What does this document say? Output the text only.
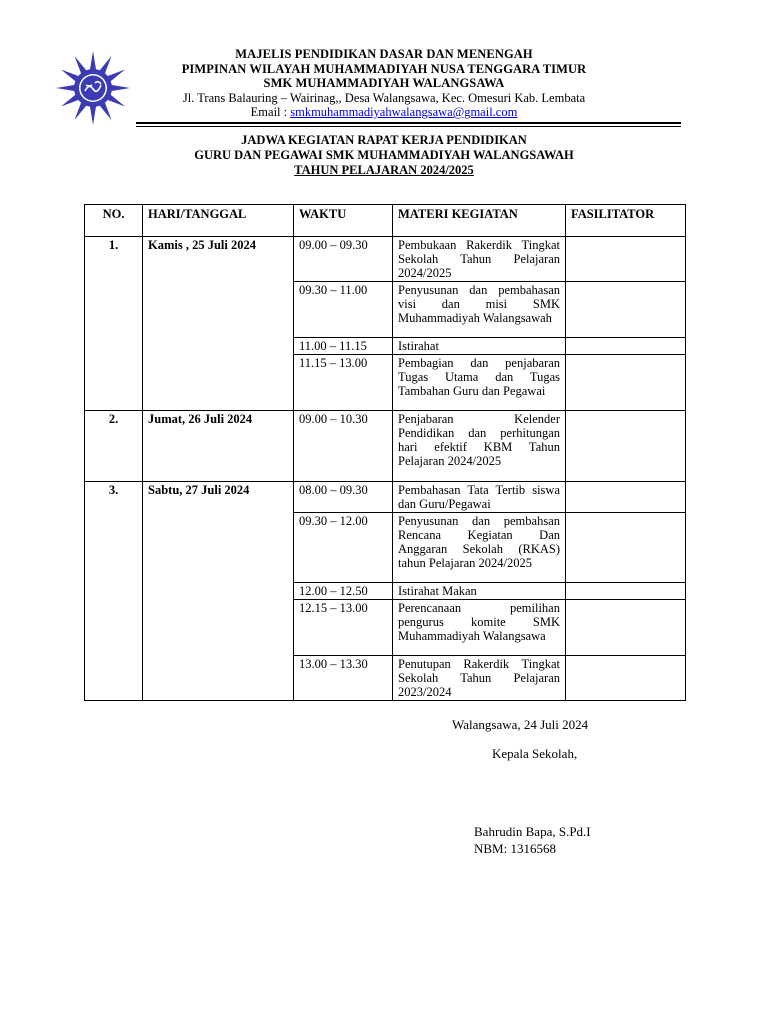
MAJELIS PENDIDIKAN DASAR DAN MENENGAH
PIMPINAN WILAYAH MUHAMMADIYAH NUSA TENGGARA TIMUR
SMK MUHAMMADIYAH WALANGSAWA
Jl. Trans Balauring – Wairinag,, Desa Walangsawa, Kec. Omesuri Kab. Lembata
Email : smkmuhammadiyahwalangsawa@gmail.com
JADWA KEGIATAN RAPAT KERJA PENDIDIKAN
GURU DAN PEGAWAI SMK MUHAMMADIYAH WALANGSAWAH
TAHUN PELAJARAN 2024/2025
NO.	HARI/TANGGAL	WAKTU	MATERI KEGIATAN	FASILITATOR
1.	Kamis , 25 Juli 2024	09.00 – 09.30	Pembukaan Rakerdik Tingkat Sekolah Tahun Pelajaran 2024/2025	
		09.30 – 11.00	Penyusunan dan pembahasan visi dan misi SMK Muhammadiyah Walangsawah	
		11.00 – 11.15	Istirahat	
		11.15 – 13.00	Pembagian dan penjabaran Tugas Utama dan Tugas Tambahan Guru dan Pegawai	
2.	Jumat, 26 Juli 2024	09.00 – 10.30	Penjabaran Kelender Pendidikan dan perhitungan hari efektif KBM Tahun Pelajaran 2024/2025	
3.	Sabtu, 27 Juli 2024	08.00 – 09.30	Pembahasan Tata Tertib siswa dan Guru/Pegawai	
		09.30 – 12.00	Penyusunan dan pembahsan Rencana Kegiatan Dan Anggaran Sekolah (RKAS) tahun Pelajaran 2024/2025	
		12.00 – 12.50	Istirahat Makan	
		12.15 – 13.00	Perencanaan pemilihan pengurus komite SMK Muhammadiyah Walangsawa	
		13.00 – 13.30	Penutupan Rakerdik Tingkat Sekolah Tahun Pelajaran 2023/2024	
Walangsawa, 24 Juli 2024
Kepala Sekolah,
Bahrudin Bapa, S.Pd.I
NBM: 1316568
